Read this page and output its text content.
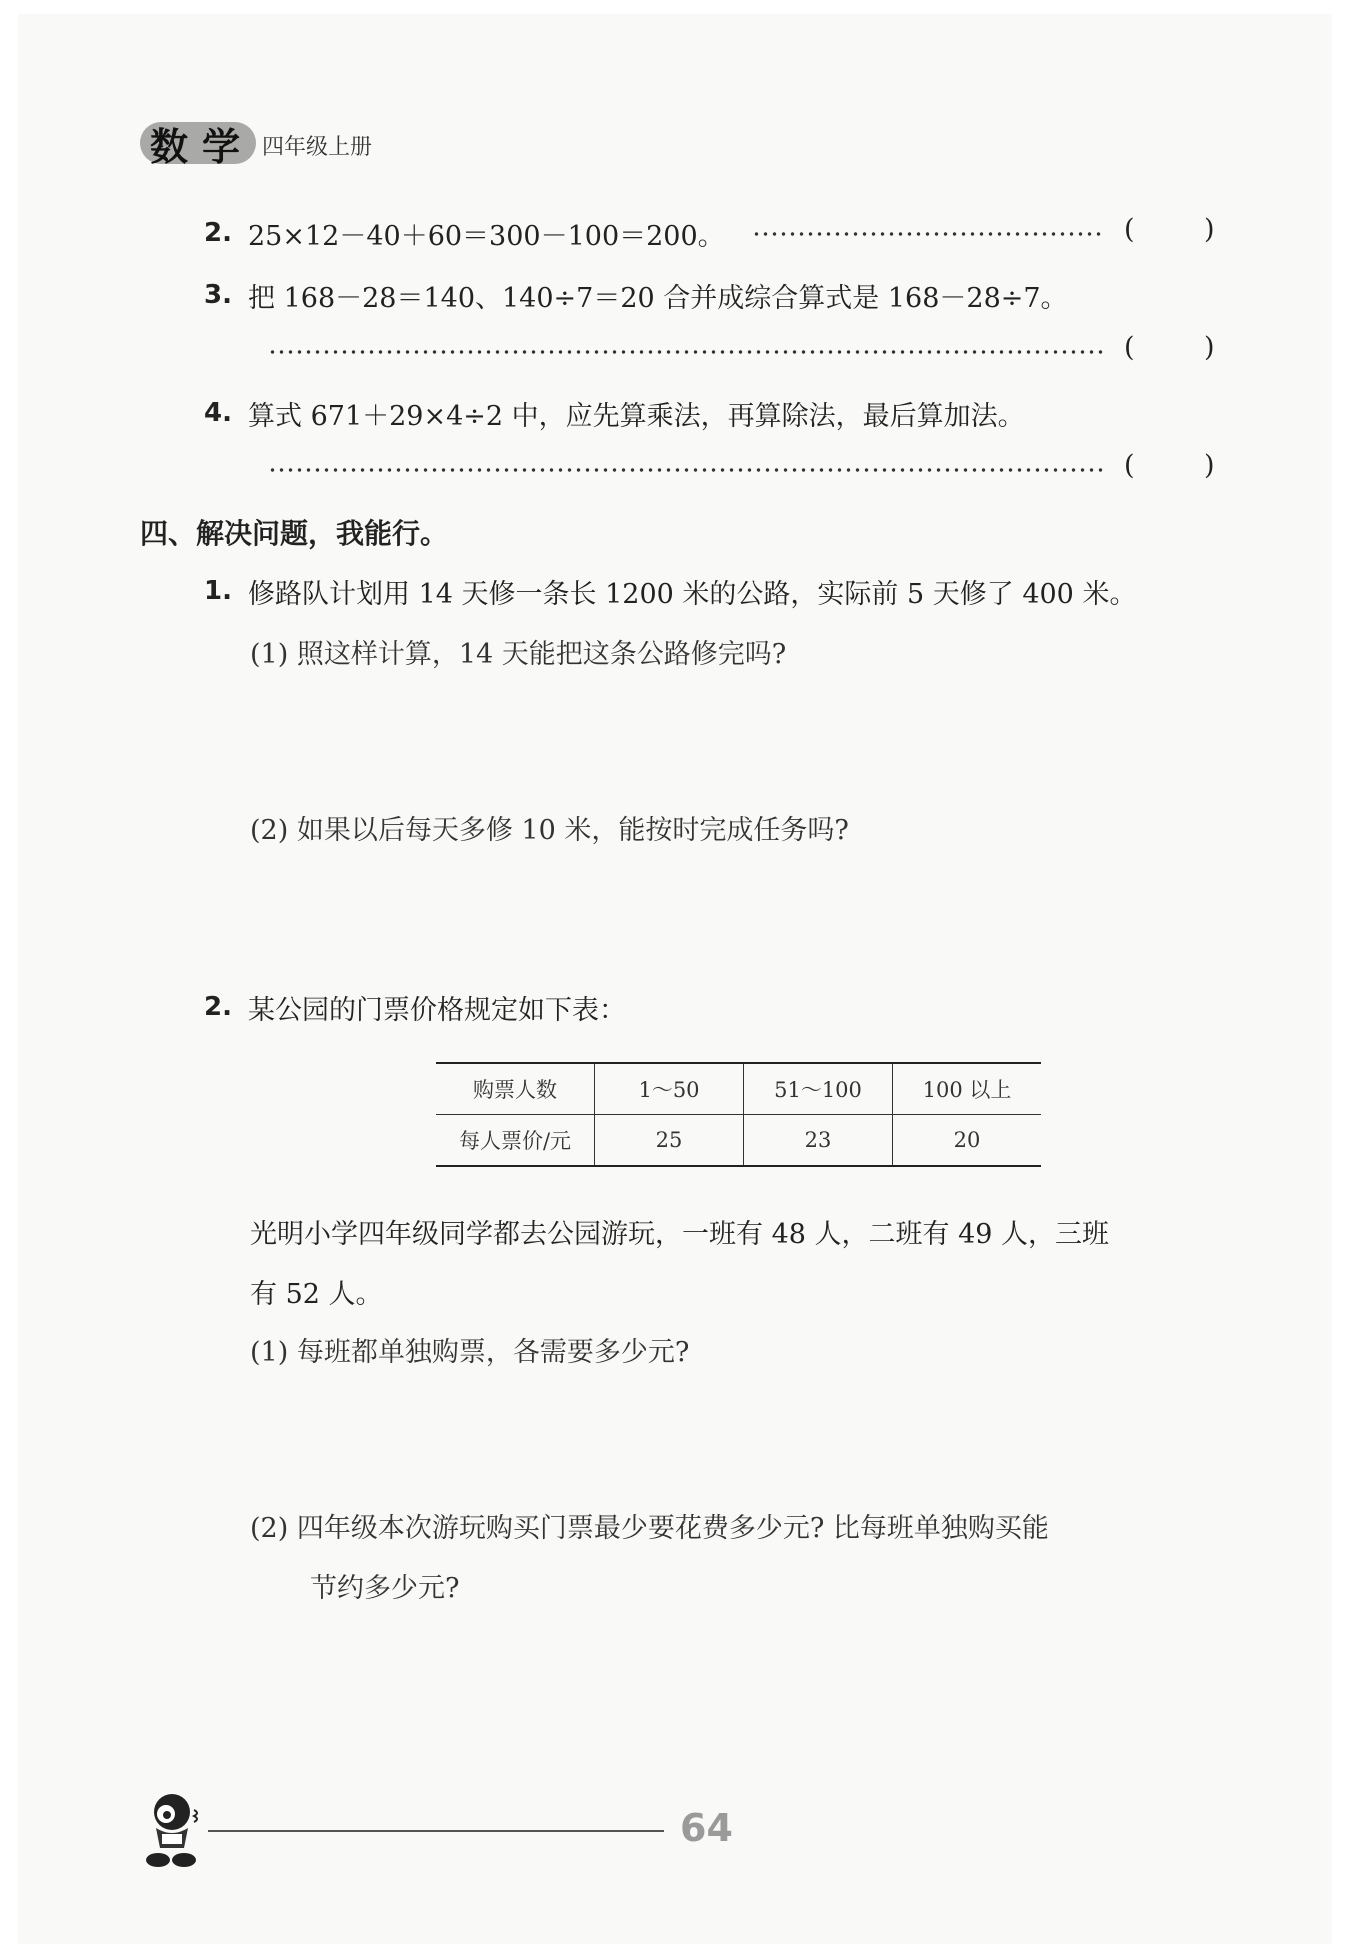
数学 四年级上册
2. 25×12－40＋60＝300－100＝200。	(	)
3. 把 168－28＝140、140÷7＝20 合并成综合算式是 168－28÷7。
(	)
4. 算式 671＋29×4÷2 中，应先算乘法，再算除法，最后算加法。
(	)
四、解决问题，我能行。
1. 修路队计划用 14 天修一条长 1200 米的公路，实际前 5 天修了 400 米。
(1) 照这样计算，14 天能把这条公路修完吗?
(2) 如果以后每天多修 10 米，能按时完成任务吗?
2. 某公园的门票价格规定如下表：
购票人数	1～50	51～100	100 以上
每人票价/元	25	23	20
光明小学四年级同学都去公园游玩，一班有 48 人，二班有 49 人，三班
有 52 人。
(1) 每班都单独购票，各需要多少元?
(2) 四年级本次游玩购买门票最少要花费多少元? 比每班单独购买能
节约多少元?
64
